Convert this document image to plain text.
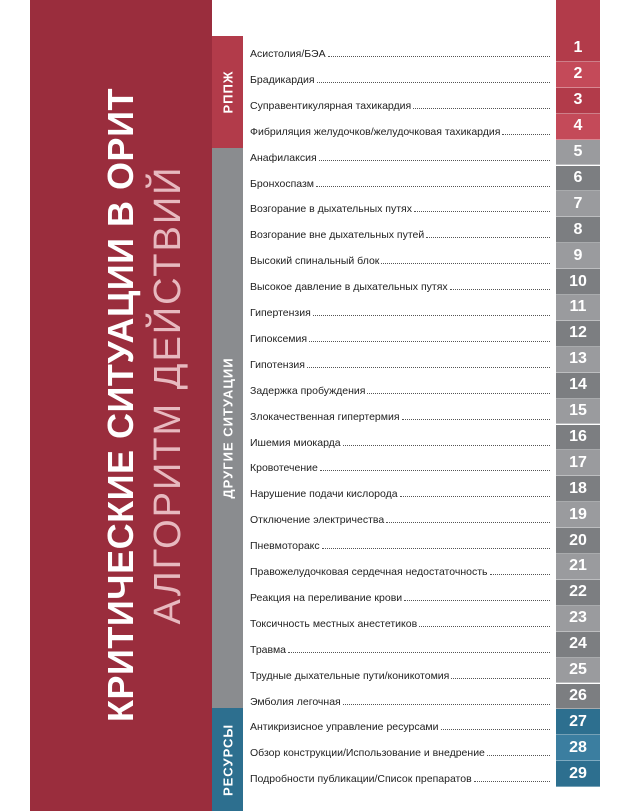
КРИТИЧЕСКИЕ СИТУАЦИИ В ОРИТ АЛГОРИТМ ДЕЙСТВИЙ
РППЖ
ДРУГИЕ СИТУАЦИИ
РЕСУРСЫ
Асистолия/БЭА
Брадикардия
Суправентикулярная тахикардия
Фибриляция желудочков/желудочковая тахикардия
Анафилаксия
Бронхоспазм
Возгорание в дыхательных путях
Возгорание вне дыхательных путей
Высокий спинальный блок
Высокое давление в дыхательных путях
Гипертензия
Гипоксемия
Гипотензия
Задержка пробуждения
Злокачественная гипертермия
Ишемия миокарда
Кровотечение
Нарушение подачи кислорода
Отключение электричества
Пневмоторакс
Правожелудочковая сердечная недостаточность
Реакция на переливание крови
Токсичность местных анестетиков
Травма
Трудные дыхательные пути/коникотомия
Эмболия легочная
Антикризисное управление ресурсами
Обзор конструкции/Использование и внедрение
Подробности публикации/Список препаратов
1
2
3
4
5
6
7
8
9
10
11
12
13
14
15
16
17
18
19
20
21
22
23
24
25
26
27
28
29
